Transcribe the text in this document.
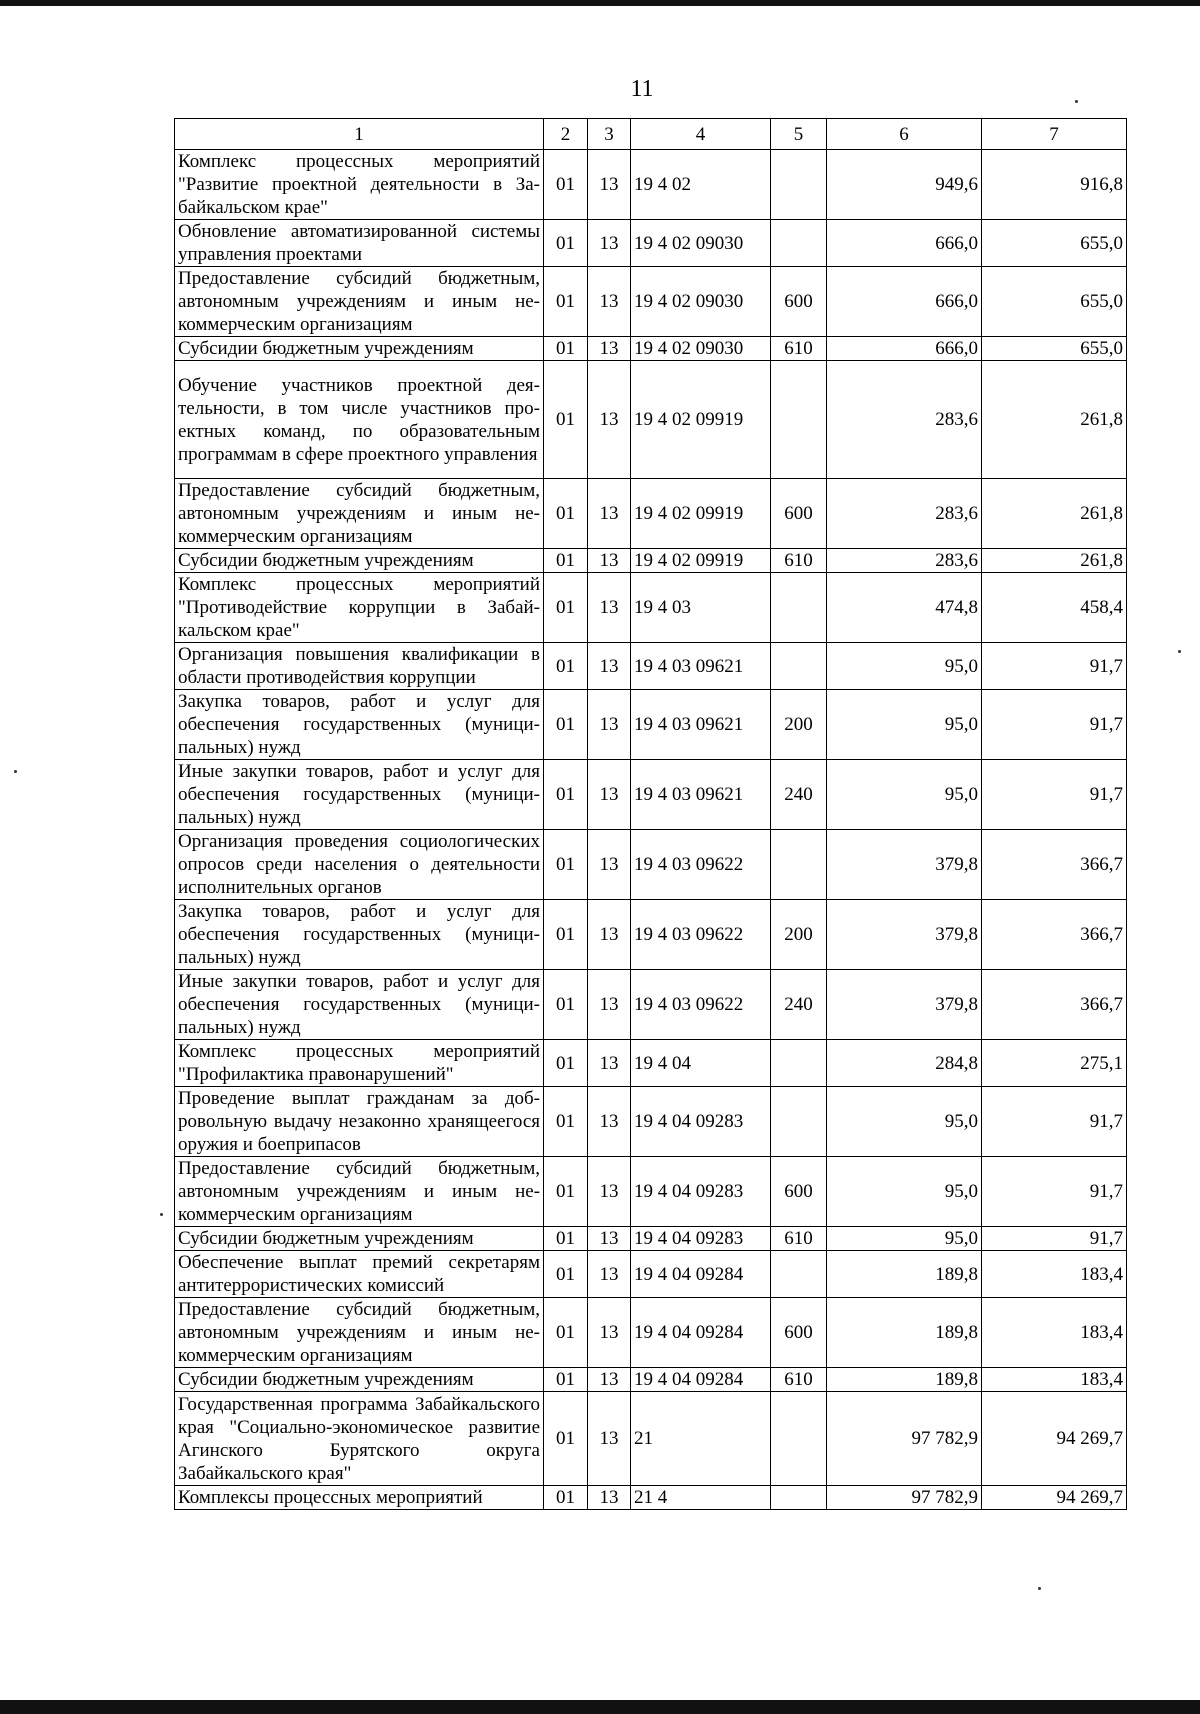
11
1	2	3	4	5	6	7
Комплекс процессных мероприятий "Развитие проектной деятельности в Забайкальском крае"	01	13	19 4 02		949,6	916,8
Обновление автоматизированной системы управления проектами	01	13	19 4 02 09030		666,0	655,0
Предоставление субсидий бюджетным, автономным учреждениям и иным некоммерческим организациям	01	13	19 4 02 09030	600	666,0	655,0
Субсидии бюджетным учреждениям	01	13	19 4 02 09030	610	666,0	655,0
Обучение участников проектной деятельности, в том числе участников проектных команд, по образовательным программам в сфере проектного управления	01	13	19 4 02 09919		283,6	261,8
Предоставление субсидий бюджетным, автономным учреждениям и иным некоммерческим организациям	01	13	19 4 02 09919	600	283,6	261,8
Субсидии бюджетным учреждениям	01	13	19 4 02 09919	610	283,6	261,8
Комплекс процессных мероприятий "Противодействие коррупции в Забайкальском крае"	01	13	19 4 03		474,8	458,4
Организация повышения квалификации в области противодействия коррупции	01	13	19 4 03 09621		95,0	91,7
Закупка товаров, работ и услуг для обеспечения государственных (муниципальных) нужд	01	13	19 4 03 09621	200	95,0	91,7
Иные закупки товаров, работ и услуг для обеспечения государственных (муниципальных) нужд	01	13	19 4 03 09621	240	95,0	91,7
Организация проведения социологических опросов среди населения о деятельности исполнительных органов	01	13	19 4 03 09622		379,8	366,7
Закупка товаров, работ и услуг для обеспечения государственных (муниципальных) нужд	01	13	19 4 03 09622	200	379,8	366,7
Иные закупки товаров, работ и услуг для обеспечения государственных (муниципальных) нужд	01	13	19 4 03 09622	240	379,8	366,7
Комплекс процессных мероприятий "Профилактика правонарушений"	01	13	19 4 04		284,8	275,1
Проведение выплат гражданам за добровольную выдачу незаконно хранящеегося оружия и боеприпасов	01	13	19 4 04 09283		95,0	91,7
Предоставление субсидий бюджетным, автономным учреждениям и иным некоммерческим организациям	01	13	19 4 04 09283	600	95,0	91,7
Субсидии бюджетным учреждениям	01	13	19 4 04 09283	610	95,0	91,7
Обеспечение выплат премий секретарям антитеррористических комиссий	01	13	19 4 04 09284		189,8	183,4
Предоставление субсидий бюджетным, автономным учреждениям и иным некоммерческим организациям	01	13	19 4 04 09284	600	189,8	183,4
Субсидии бюджетным учреждениям	01	13	19 4 04 09284	610	189,8	183,4
Государственная программа Забайкальского края "Социально-экономическое развитие Агинского Бурятского округа Забайкальского края"	01	13	21		97 782,9	94 269,7
Комплексы процессных мероприятий	01	13	21 4		97 782,9	94 269,7
